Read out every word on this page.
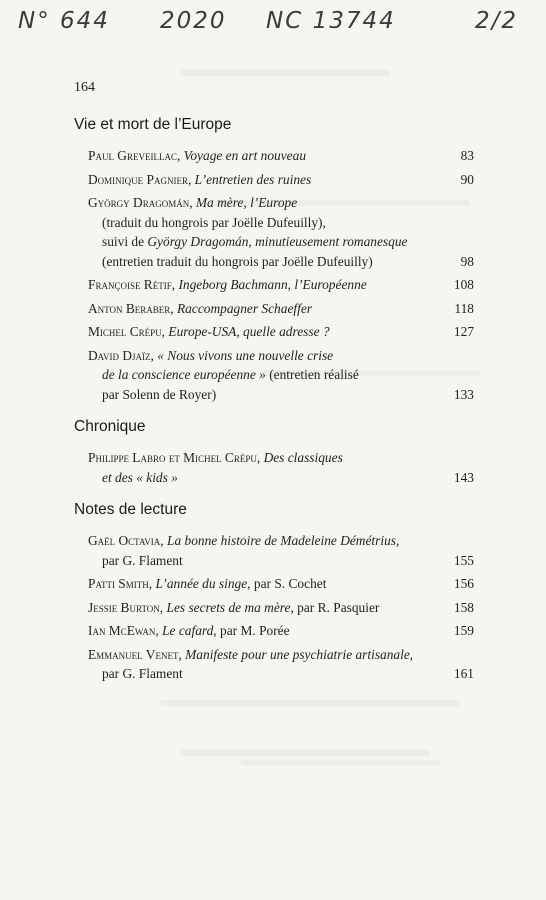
N° 644 2020 NC 13744	2/2
164
Vie et mort de l’Europe
Paul Greveillac, Voyage en art nouveau	83
Dominique Pagnier, L’entretien des ruines	90
György Dragomán, Ma mère, l’Europe
(traduit du hongrois par Joëlle Dufeuilly),
suivi de György Dragomán, minutieusement romanesque
(entretien traduit du hongrois par Joëlle Dufeuilly)	98
Françoise Rétif, Ingeborg Bachmann, l’Européenne	108
Anton Beraber, Raccompagner Schaeffer	118
Michel Crépu, Europe-USA, quelle adresse ?	127
David Djaïz, « Nous vivons une nouvelle crise
de la conscience européenne » (entretien réalisé
par Solenn de Royer)	133
Chronique
Philippe Labro et Michel Crépu, Des classiques
et des « kids »	143
Notes de lecture
Gaël Octavia, La bonne histoire de Madeleine Démétrius,
par G. Flament	155
Patti Smith, L’année du singe, par S. Cochet	156
Jessie Burton, Les secrets de ma mère, par R. Pasquier	158
Ian McEwan, Le cafard, par M. Porée	159
Emmanuel Venet, Manifeste pour une psychiatrie artisanale,
par G. Flament	161
